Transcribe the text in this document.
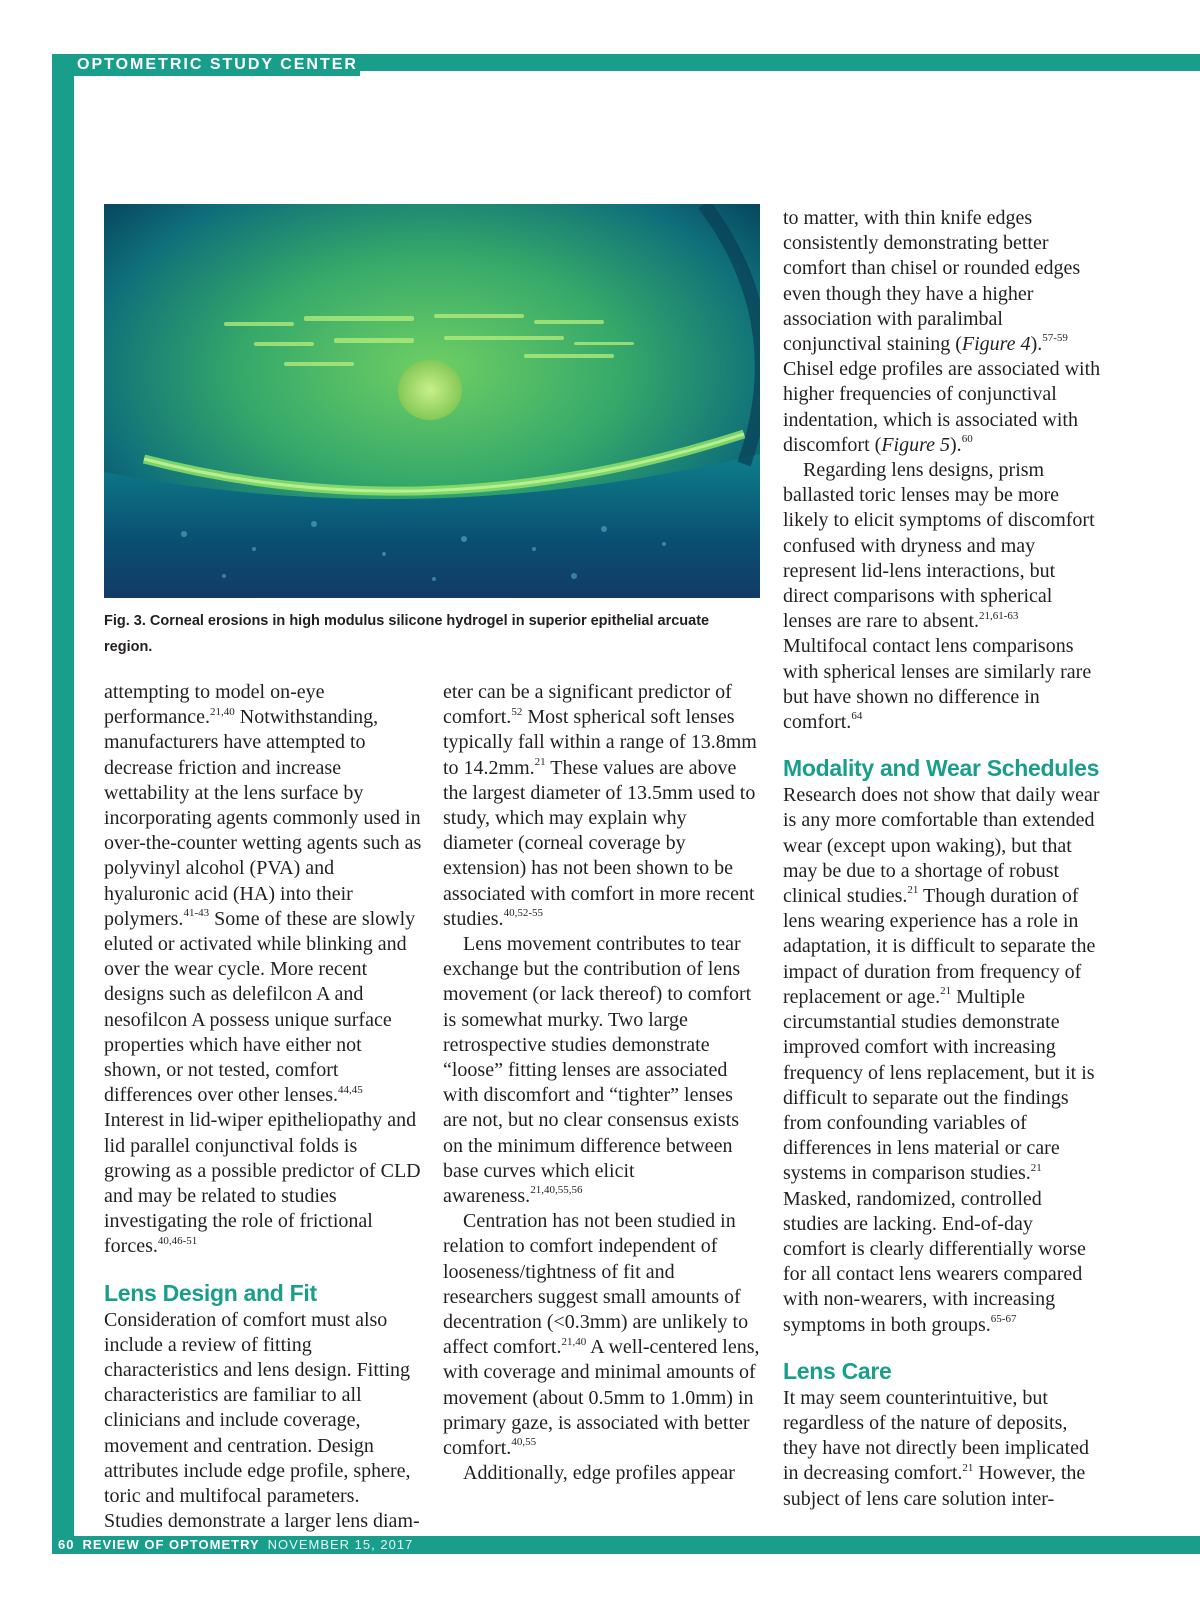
OPTOMETRIC STUDY CENTER
Fig. 3. Corneal erosions in high modulus silicone hydrogel in superior epithelial arcuate region.

attempting to model on-eye performance.$^{21,40}$ Notwithstanding, manufacturers have attempted to decrease friction and increase wettability at the lens surface by incorporating agents commonly used in over-the-counter wetting agents such as polyvinyl alcohol (PVA) and hyaluronic acid (HA) into their polymers.$^{41-43}$ Some of these are slowly eluted or activated while blinking and over the wear cycle. More recent designs such as delefilcon A and nesofilcon A possess unique surface properties which have either not shown, or not tested, comfort differences over other lenses.$^{44,45}$ Interest in lid-wiper epitheliopathy and lid parallel conjunctival folds is growing as a possible predictor of CLD and may be related to studies investigating the role of frictional forces.$^{40,46-51}$

Lens Design and Fit

Consideration of comfort must also include a review of fitting characteristics and lens design. Fitting characteristics are familiar to all clinicians and include coverage, movement and centration. Design attributes include edge profile, sphere, toric and multifocal parameters. Studies demonstrate a larger lens diam-

eter can be a significant predictor of comfort.$^{52}$ Most spherical soft lenses typically fall within a range of 13.8mm to 14.2mm.$^{21}$ These values are above the largest diameter of 13.5mm used to study, which may explain why diameter (corneal coverage by extension) has not been shown to be associated with comfort in more recent studies.$^{40,52-55}$

Lens movement contributes to tear exchange but the contribution of lens movement (or lack thereof) to comfort is somewhat murky. Two large retrospective studies demonstrate “loose” fitting lenses are associated with discomfort and “tighter” lenses are not, but no clear consensus exists on the minimum difference between base curves which elicit awareness.$^{21,40,55,56}$

Centration has not been studied in relation to comfort independent of looseness/tightness of fit and researchers suggest small amounts of decentration (<0.3mm) are unlikely to affect comfort.$^{21,40}$ A well-centered lens, with coverage and minimal amounts of movement (about 0.5mm to 1.0mm) in primary gaze, is associated with better comfort.$^{40,55}$

Additionally, edge profiles appear

to matter, with thin knife edges consistently demonstrating better comfort than chisel or rounded edges even though they have a higher association with paralimbal conjunctival staining (Figure 4).$^{57-59}$ Chisel edge profiles are associated with higher frequencies of conjunctival indentation, which is associated with discomfort (Figure 5).$^{60}$

Regarding lens designs, prism ballasted toric lenses may be more likely to elicit symptoms of discomfort confused with dryness and may represent lid-lens interactions, but direct comparisons with spherical lenses are rare to absent.$^{21,61-63}$ Multifocal contact lens comparisons with spherical lenses are similarly rare but have shown no difference in comfort.$^{64}$

Modality and Wear Schedules

Research does not show that daily wear is any more comfortable than extended wear (except upon waking), but that may be due to a shortage of robust clinical studies.$^{21}$ Though duration of lens wearing experience has a role in adaptation, it is difficult to separate the impact of duration from frequency of replacement or age.$^{21}$ Multiple circumstantial studies demonstrate improved comfort with increasing frequency of lens replacement, but it is difficult to separate out the findings from confounding variables of differences in lens material or care systems in comparison studies.$^{21}$ Masked, randomized, controlled studies are lacking. End-of-day comfort is clearly differentially worse for all contact lens wearers compared with non-wearers, with increasing symptoms in both groups.$^{65-67}$

Lens Care

It may seem counterintuitive, but regardless of the nature of deposits, they have not directly been implicated in decreasing comfort.$^{21}$ However, the subject of lens care solution inter-

60 REVIEW OF OPTOMETRY NOVEMBER 15, 2017
